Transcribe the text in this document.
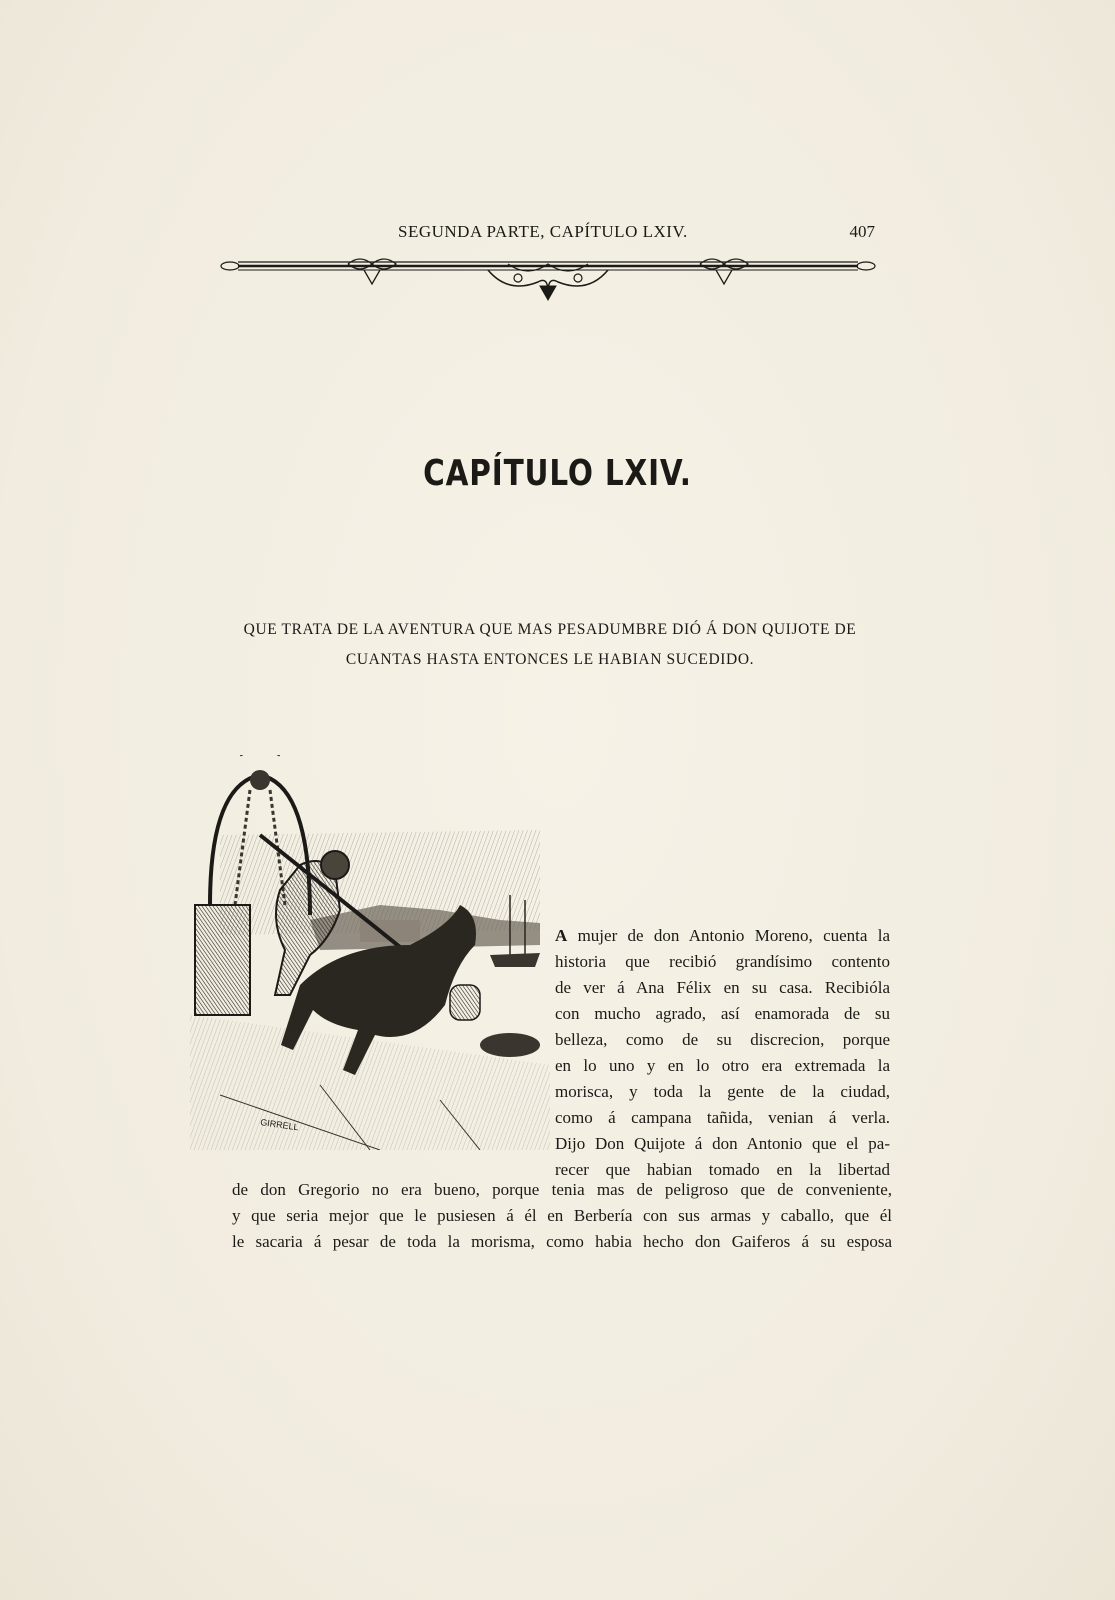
SEGUNDA PARTE, CAPÍTULO LXIV.	407
CAPÍTULO LXIV.
QUE TRATA DE LA AVENTURA QUE MAS PESADUMBRE DIÓ Á DON QUIJOTE DE
CUANTAS HASTA ENTONCES LE HABIAN SUCEDIDO.
GIRRELL
A mujer de don Antonio Moreno, cuenta la
historia que recibió grandísimo contento
de ver á Ana Félix en su casa. Recibióla
con mucho agrado, así enamorada de su
belleza, como de su discrecion, porque
en lo uno y en lo otro era extremada la
morisca, y toda la gente de la ciudad,
como á campana tañida, venian á verla.
Dijo Don Quijote á don Antonio que el pa-
recer que habian tomado en la libertad
de don Gregorio no era bueno, porque tenia mas de peligroso que de conveniente,
y que seria mejor que le pusiesen á él en Berbería con sus armas y caballo, que él
le sacaria á pesar de toda la morisma, como habia hecho don Gaiferos á su esposa
